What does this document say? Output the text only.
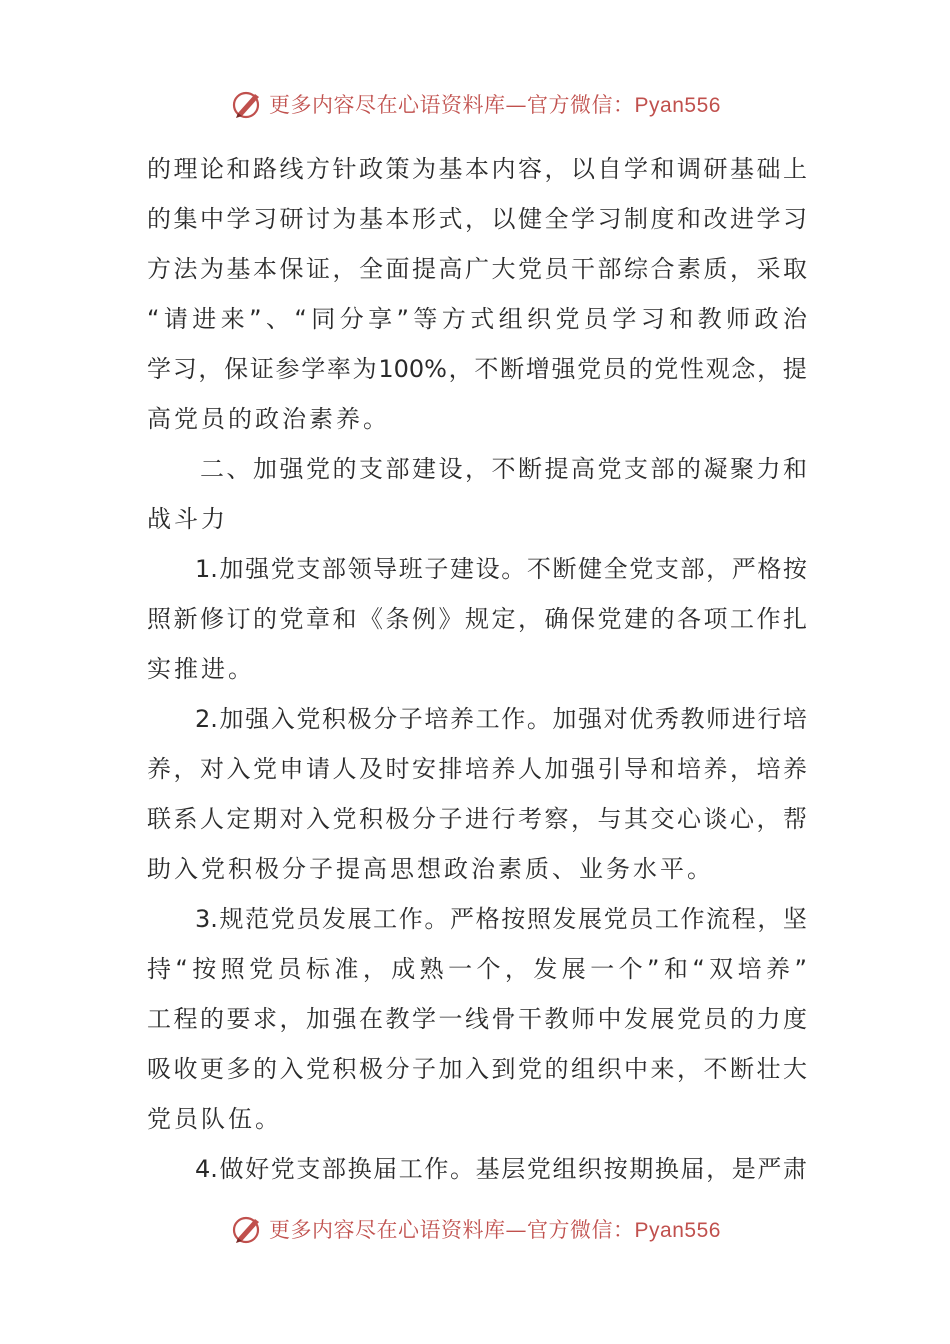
更多内容尽在心语资料库—官方微信：Pyan556
的 理 论 和 路 线 方 针 政 策 为 基 本 内 容 ， 以 自 学 和 调 研 基 础 上
的 集 中 学 习 研 讨 为 基 本 形 式 ， 以 健 全 学 习 制 度 和 改 进 学 习
方 法 为 基 本 保 证 ， 全 面 提 高 广 大 党 员 干 部 综 合 素 质 ， 采 取
“ 请 进 来 ” 、 “ 同 分 享 ” 等 方 式 组 织 党 员 学 习 和 教 师 政 治
学 习 ， 保 证 参 学 率 为 100% ， 不 断 增 强 党 员 的 党 性 观 念 ， 提
高党员的政治素养。
二 、 加 强 党 的 支 部 建 设 ， 不 断 提 高 党 支 部 的 凝 聚 力 和
战斗力
1. 加 强 党 支 部 领 导 班 子 建 设 。 不 断 健 全 党 支 部 ， 严 格 按
照 新 修 订 的 党 章 和 《 条 例 》 规 定 ， 确 保 党 建 的 各 项 工 作 扎
实推进。
2. 加 强 入 党 积 极 分 子 培 养 工 作 。 加 强 对 优 秀 教 师 进 行 培
养 ， 对 入 党 申 请 人 及 时 安 排 培 养 人 加 强 引 导 和 培 养 ， 培 养
联 系 人 定 期 对 入 党 积 极 分 子 进 行 考 察 ， 与 其 交 心 谈 心 ， 帮
助入党积极分子提高思想政治素质、业务水平。
3. 规 范 党 员 发 展 工 作 。 严 格 按 照 发 展 党 员 工 作 流 程 ， 坚
持 “ 按 照 党 员 标 准 ， 成 熟 一 个 ， 发 展 一 个 ” 和 “ 双 培 养 ”
工 程 的 要 求 ， 加 强 在 教 学 一 线 骨 干 教 师 中 发 展 党 员 的 力 度
吸 收 更 多 的 入 党 积 极 分 子 加 入 到 党 的 组 织 中 来 ， 不 断 壮 大
党员队伍。
4. 做 好 党 支 部 换 届 工 作 。 基 层 党 组 织 按 期 换 届 ， 是 严 肃
更多内容尽在心语资料库—官方微信：Pyan556
